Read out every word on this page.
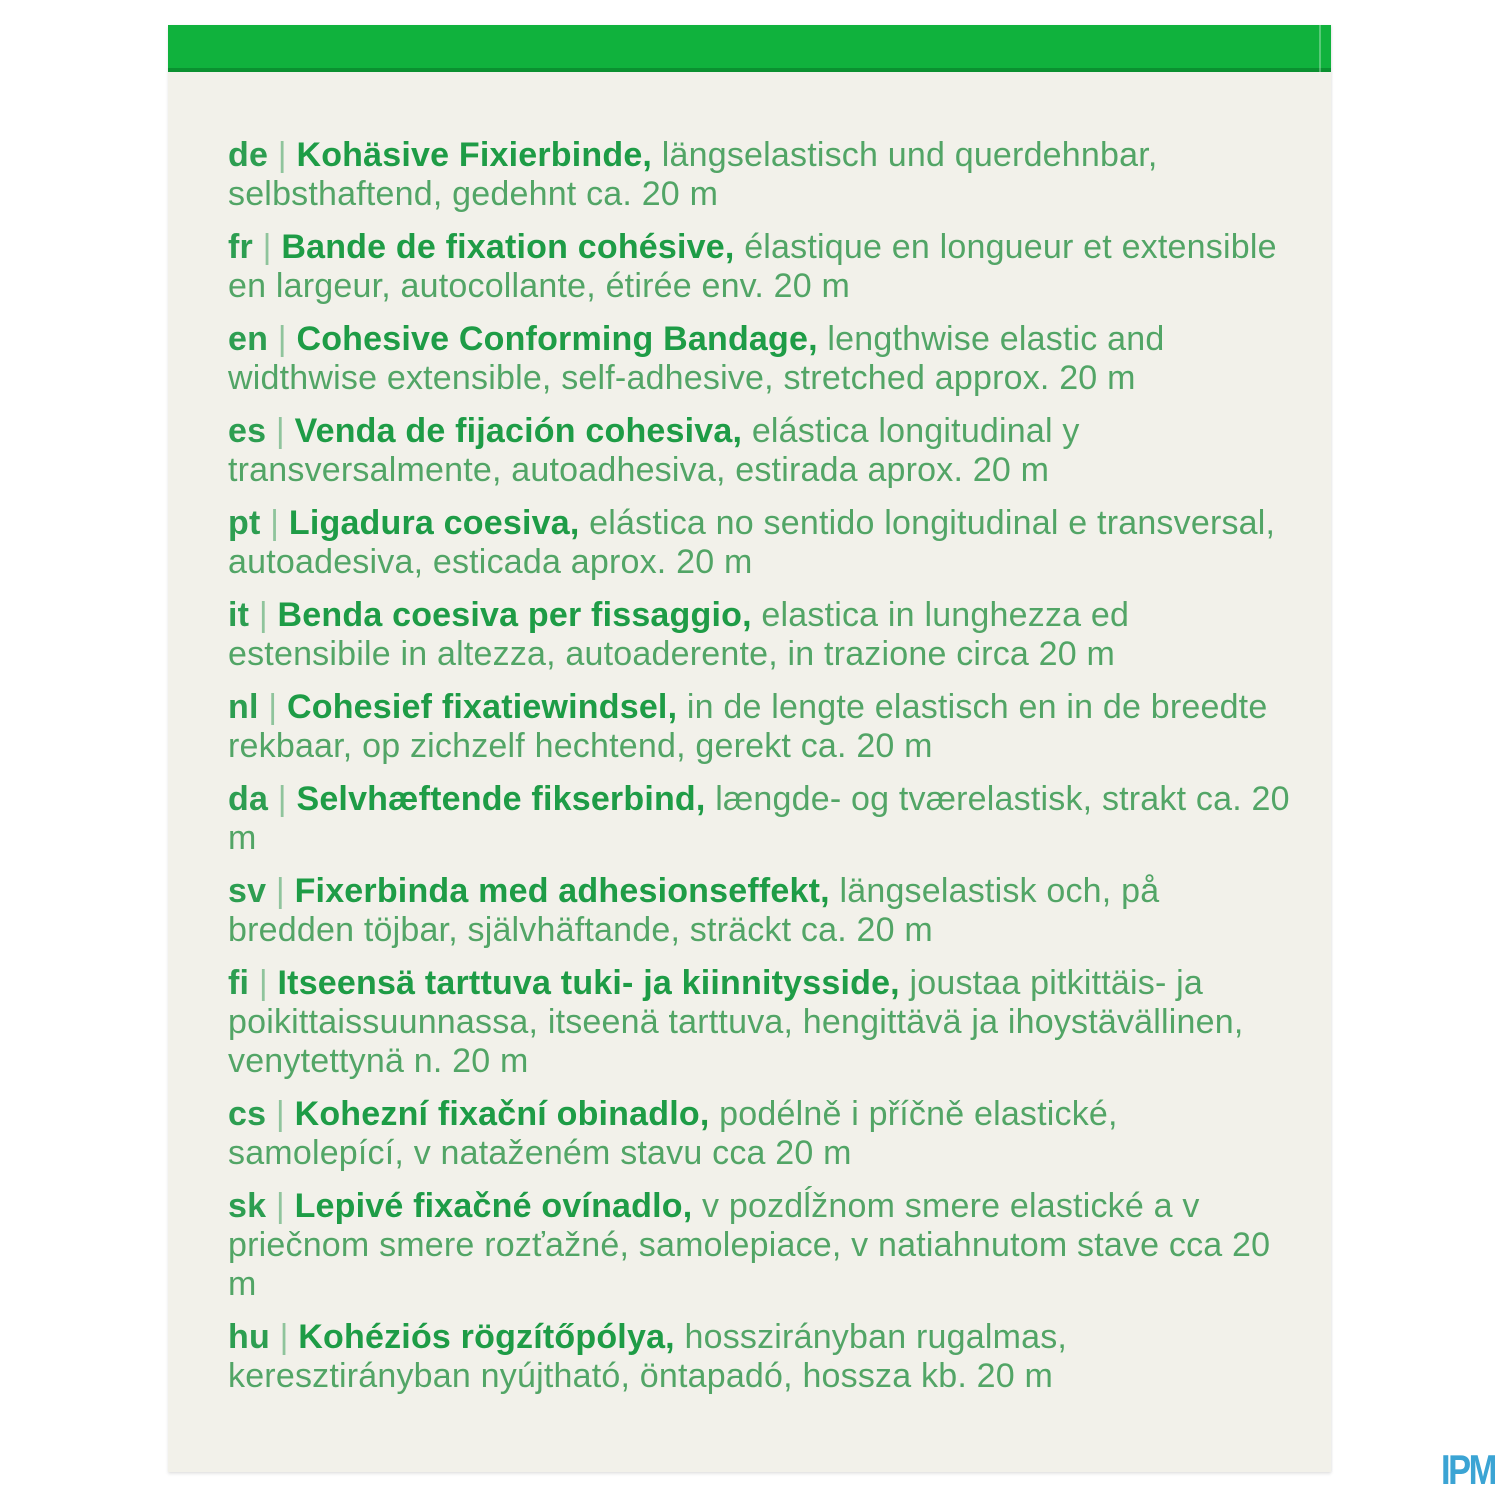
de | Kohäsive Fixierbinde, längselastisch und querdehnbar, selbsthaftend, gedehnt ca. 20 m

fr | Bande de fixation cohésive, élastique en longueur et extensible en largeur, autocollante, étirée env. 20 m

en | Cohesive Conforming Bandage, lengthwise elastic and widthwise extensible, self-adhesive, stretched approx. 20 m

es | Venda de fijación cohesiva, elástica longitudinal y transversalmente, autoadhesiva, estirada aprox. 20 m

pt | Ligadura coesiva, elástica no sentido longitudinal e transversal, autoadesiva, esticada aprox. 20 m

it | Benda coesiva per fissaggio, elastica in lunghezza ed estensibile in altezza, autoaderente, in trazione circa 20 m

nl | Cohesief fixatiewindsel, in de lengte elastisch en in de breedte rekbaar, op zichzelf hechtend, gerekt ca. 20 m

da | Selvhæftende fikserbind, længde- og tværelastisk, strakt ca. 20 m

sv | Fixerbinda med adhesionseffekt, längselastisk och, på bredden töjbar, självhäftande, sträckt ca. 20 m

fi | Itseensä tarttuva tuki- ja kiinnitysside, joustaa pitkittäis- ja poikittaissuunnassa, itseenä tarttuva, hengittävä ja ihoystävällinen, venytettynä n. 20 m

cs | Kohezní fixační obinadlo, podélně i příčně elastické, samolepící, v nataženém stavu cca 20 m

sk | Lepivé fixačné ovínadlo, v pozdĺžnom smere elastické a v priečnom smere rozťažné, samolepiace, v natiahnutom stave cca 20 m

hu | Kohéziós rögzítőpólya, hosszirányban rugalmas, keresztirányban nyújtható, öntapadó, hossza kb. 20 m

IPM
